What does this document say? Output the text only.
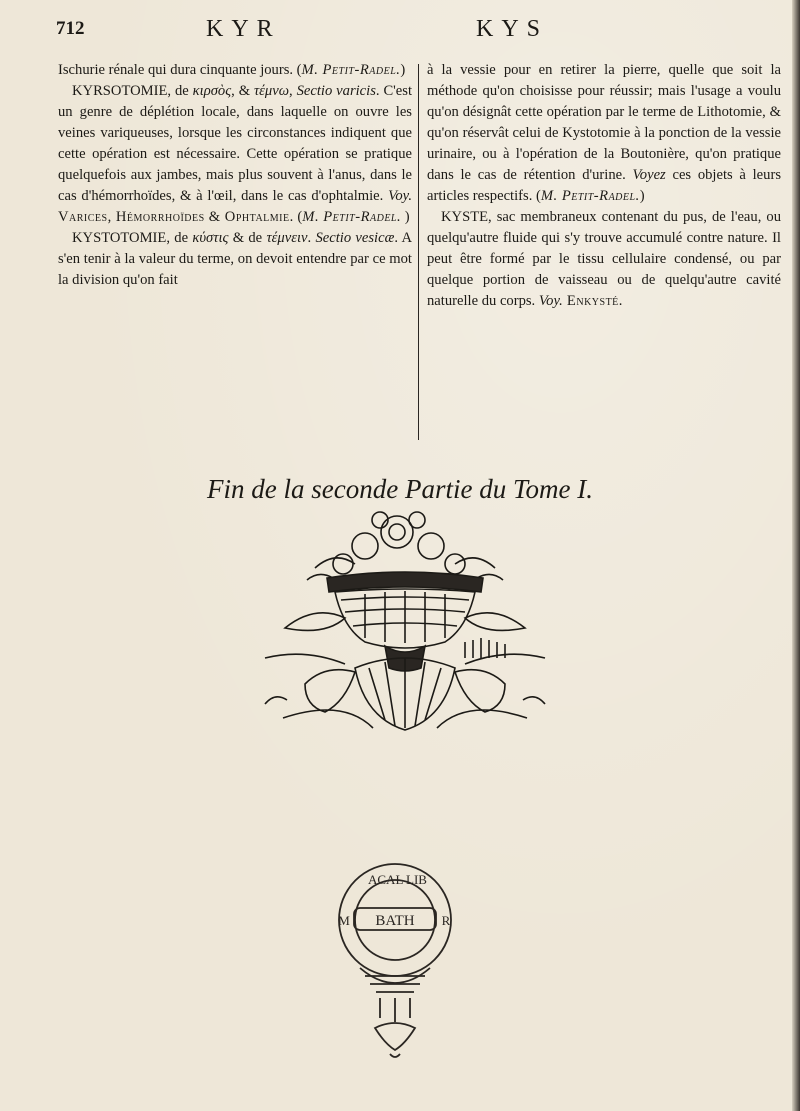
712	KYR	KYS

Ischurie rénale qui dura cinquante jours. (M. Petit-Radel.)

KYRSOTOMIE, de κιρσὸς, & τέμνω, Sectio varicis. C'est un genre de déplétion locale, dans laquelle on ouvre les veines variqueuses, lorsque les circonstances indiquent que cette opération est nécessaire. Cette opération se pratique quelquefois aux jambes, mais plus souvent à l'anus, dans le cas d'hémorrhoïdes, & à l'œil, dans le cas d'ophtalmie. Voy. Varices, Hémorrhoïdes & Ophtalmie. (M. Petit-Radel. )

KYSTOTOMIE, de κύστις & de τέμνειν. Sectio vesicæ. A s'en tenir à la valeur du terme, on devoit entendre par ce mot la division qu'on fait

à la vessie pour en retirer la pierre, quelle que soit la méthode qu'on choisisse pour réussir; mais l'usage a voulu qu'on désignât cette opération par le terme de Lithotomie, & qu'on réservât celui de Kystotomie à la ponction de la vessie urinaire, ou à l'opération de la Boutonière, qu'on pratique dans le cas de rétention d'urine. Voyez ces objets à leurs articles respectifs. (M. Petit-Radel.)

KYSTE, sac membraneux contenant du pus, de l'eau, ou quelqu'autre fluide qui s'y trouve accumulé contre nature. Il peut être formé par le tissu cellulaire condensé, ou par quelque portion de vaisseau ou de quelqu'autre cavité naturelle du corps. Voy. Enkysté.

Fin de la seconde Partie du Tome I.
ACAL LIB
BATH
M	R
